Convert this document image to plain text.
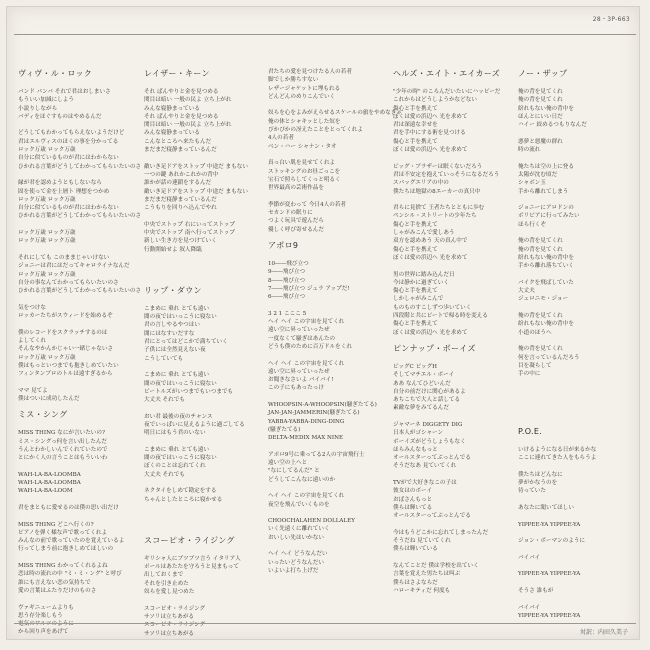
28・3P-663
ヴィヴ・ル・ロック
バンド バンバ それで君はおしまいさ
もういい加減にしよう
小説りしながら
バディをほぐすものはやめるんだ
どうしてもわかってもらえないようだけど
君はエルヴィスのほくの事を分かってる
ロック万歳 ロック万歳
自分に似ているものが君にはわからない
ひかれる言葉がどうしてわかってもらいたいのさ
縁が君を認めようともしないなら
固を使って金を上層ト 理想をつかめ
ロック万歳 ロック万歳
自分に似ているものが君にはわからない
ひかれる言葉がどうしてわかってもらいたいのさ
ロック万歳 ロック万歳
ロック万歳 ロック万歳
それにしても このままじゃいけない
ジョニーは君にはだってキャロライナなんだ
ロック万歳 ロック万歳
自分の事なんてわかってもらいたいのさ
ひかれる言葉がどうしてわかってもらいたいのさ
気をつけな
ロッカーたちがスウィードを始めるぞ
僕のレコードをスクラッチするのは
よしてくれ
そんなやかんかじゃい一緒じゃないさ
ロック万歳 ロック万歳
僕はもっといつまでも抱きしめていたい
フィンタンブロのトルは遠すぎるから
ママ 見てよ
僕はついに成功したんだ
ミス・シング
MISS THING なにが言いたいの?
ミス・シングっ何を言い出したんだ
うんとわかしいんでくれていたので
とにかく人の言うことはもういいわ
WAH-LA-BA-LOOMBA
WAH-LA-BA-LOOMBA
WAH-LA-BA-LOOM
君をまともに愛せるのは僕の思い出だけ
MISS THING どこへ行くの?
ピアノを弾く様な声で歌ってくれよ
みんなの前で歌っていたのを覚えているよ
行ってしまう前に抱きしめてほしいの
MISS THING わかってくれるよね
恋は時の流れの中 "ミ・ミ・ング" と呼び
誰にも言えない恋の気持ちで
愛の言葉はふたりだけのものさ
ヴァギニュームよりも
思う存分楽しもう
電気のワルツのように
から回り声をあげて
レイザー・キーン
それ ぱんやりと金を見つめる
関目は暗い 一般の民よ 立ち上がれ
みんな寝静まっている
それ ぱんやりと金を見つめる
関目は暗い 一般の民よ 立ち上がれ
みんな寝静まっている
こんなところへ来たもんだ
まだまだ寝静まっているんだ
敵いき足ドアをストップ 中途だ まもない
一つの鍵 あれかこれかの背中
誰かが話の連鎖をするんだ
敵いき足ドアをストップ 中途だ まもない
まだまだ寝静まっているんだ
こうもりを回りへ込んでやれ
中央でストップ 右にいってストップ
中央でストップ 南へ行ってストップ
新しい生き方を見つけていく
行動開始せよ 叙人降臨
リップ・ダウン
こまめに 乗れ とても遠い
闇の夜ではいっこうに寝ない
君の言しやるやつはい
闇にはなすいだすな
君にとってはどこかで満ちていく
子供には全然見えない夜
こうしていても
こまめに 乗れ とても遠い
闇の夜ではいっこうに寝ない
ビートルズがいつまでもいつまでも
大丈夫 それでも
おい君 最後の夜のチャンス
夜でいっぱいに見えるように過ごしてる
明日にはもう君のいない
こまめに 乗れ とても遠い
闇の夜ではいっこうに寝ない
ぼくのことは忘れてくれ
大丈夫 それでも
ネクタイをしめて勘定をする
ちゃんとしたところに寝かせる
スコーピオ・ライジング
ギリシャ人にブツブツ言う イタリア人
ポールはあたたを守ろうと見まもって
出しておくまで
それを引き止めた
奴らを愛し見つめた
スコーピオ・ライジング
サソリは立ちあがる
スコーピオ・ライジング
サソリは立ちあがる
君たちの愛を見つけたる人の若者
脚でしか勝ちすない
レザージャケットに埋もれる
どんどんのめりこんでいく
奴らを心をよみがえらせるスケールの旅をやめなきゃ
俺の体とシャキッとした奴を
ぴかぴかの冴えたことをとってくれよ
4人の若者
ベン・ハー シャナン・タオ
真っ白い肌を見せてくれよ
ストッキングのお昼ごっこを
宝石で照らしてくっと明るく
世界最高の芸術作品を
季節が変わって 今日4人の若者
セカンドの眠りに
つよく玩具で遊んだら
優しく呼び寄せるんだ
アポロ9
10――飛び立つ
9――飛び立つ
8――飛び立つ
7――飛び立つ ジェラ アップだ!
6――飛び立つ
3 2 1 こここ 5
ヘイ ヘイ この宇宙を見てくれ
遠い空に昇っていったぜ
一度なくて騒ぎはあんたの
どうも僕のために百万ドルをくれ
ヘイ ヘイ この宇宙を見てくれ
遠い空に昇っていったぜ
お聞きなさいよ バイバイ!
この子にもあったっけ
WHOOPSIN-A-WHOOPSIN(騒ぎたてる)
JAN-JAN-JAMMERIN(騒ぎたてる)
YABBA-YABBA-DING-DING
(騒ぎたてる)
DELTA-MEDIX MAX NINE
アポロ9号に乗ってる2人の宇宙飛行士
遠い空の上へと
"なにしてるんだ" と
どうしてこんなに遠いのか
ヘイ ヘイ この宇宙を見てくれ
夜空を飛んでいくものを
CHOOCHALAHEN DOLLALEY
いく先遠くに離れていく
おいしい先はいかない
ヘイ ヘイ どうなんだい
いったいどうなんだい
いよいよ打ち上げだ
ヘルズ・エイト・エイカーズ
"少年の時" のころんだいたいにハッピーだ
これからはどうしようかなどない
傷心と手を携えて
ぼくは愛の浜辺へ 光を求めて
君は深遠な幸せを
君を手中にする術を見つける
傷心と手を携えて
ぼくは愛の浜辺へ 光を求めて
ビッグ・ブラザーは眠くないだろう
君は不安定を抱えていっそうになるだろう
スバッグエリアの中の
僕たちは地獄の8エーカーの真只中
君らに見捨て 王者たちとともに歩む
ペンシル・ストリートの少年たち
傷心と手を携えて
しゃがみこんで愛しあう
双方を認めあう 天の真ん中で
傷心と手を携えて
ぼくは愛の浜辺へ 光を求めて
男の世界に踏み込んだ日
今は静かに過ぎていく
傷心と手を携えて
しかしゃがみこんで
ものものすこしずつ歩いていく
四段階と共にビートで帰る時を変える
傷心と手を携えて
ぼくは愛の浜辺へ 光を求めて
ピンナップ・ボーイズ
ビッグC ビッグH
そしてマチエル・ボーイ
ああ なんてひどいんだ
自分の前だけに関心があるよ
あちこちで大人と話してる
素敵な夢をみてるんだ
ジャマーネ DIGGETY DIG
日本人がゴシャーン
ボーイズがどうしょうもなく
ほらみんなもっと
オールスターってぶっとんでる
そうだなあ 見ていてくれ
TVがで大好きなこの子は
彼女はのボーイ
おばさんもっと
僕らは輝いてる
オールスターってぶっとんでる
今はもうどこかに忘れてしまったんだ
そうだね 見ていてくれ
僕らは輝いている
なんてことだ 僕は学校を出ていく
言葉を覚えた男たちは叫ぶ
僕らはさよならだ
ハローキティだ 何度も
ノー・ザップ
俺の背を見てくれ
俺の背を見てくれ
紛れもない俺の背中を
ほんとにいい日だ
ハイー 絞めるつもりなんだ
悪夢と悪魔の群れ
時の流れ
俺たちは空の上に登る
太陽が沈む頃だ
シャボン玉
手から離れてしまう
ジョニーにアロドンの
ボリビアに行ってみたい
ほら行くぞ
俺の背を見てくれ
俺の背を見てくれ
紛れもない俺の背中を
手から離れ落ちていく
バイクを飛ばしていた
大丈夫
ジェロニモ・ジョー
俺の背を見てくれ
紛れもない俺の背中を
小道のほうへ
俺の背を見てくれ
何を言っているんだろう
目を凝らして
手の中に
P.O.E.
いけるようになる日が来るかな
ここに連れてきた人をもらうよ
僕たちはどんなに
夢がかなうのを
待っていた
あなたに聞いてほしい
YIPPEE-YA YIPPEE-YA
ジョン・ボーマンのように
バイバイ
YIPPEE-YA YIPPEE-YA
そうさ 誰もが
バイバイ
YIPPEE-YA YIPPEE-YA
対訳：内田久美子
